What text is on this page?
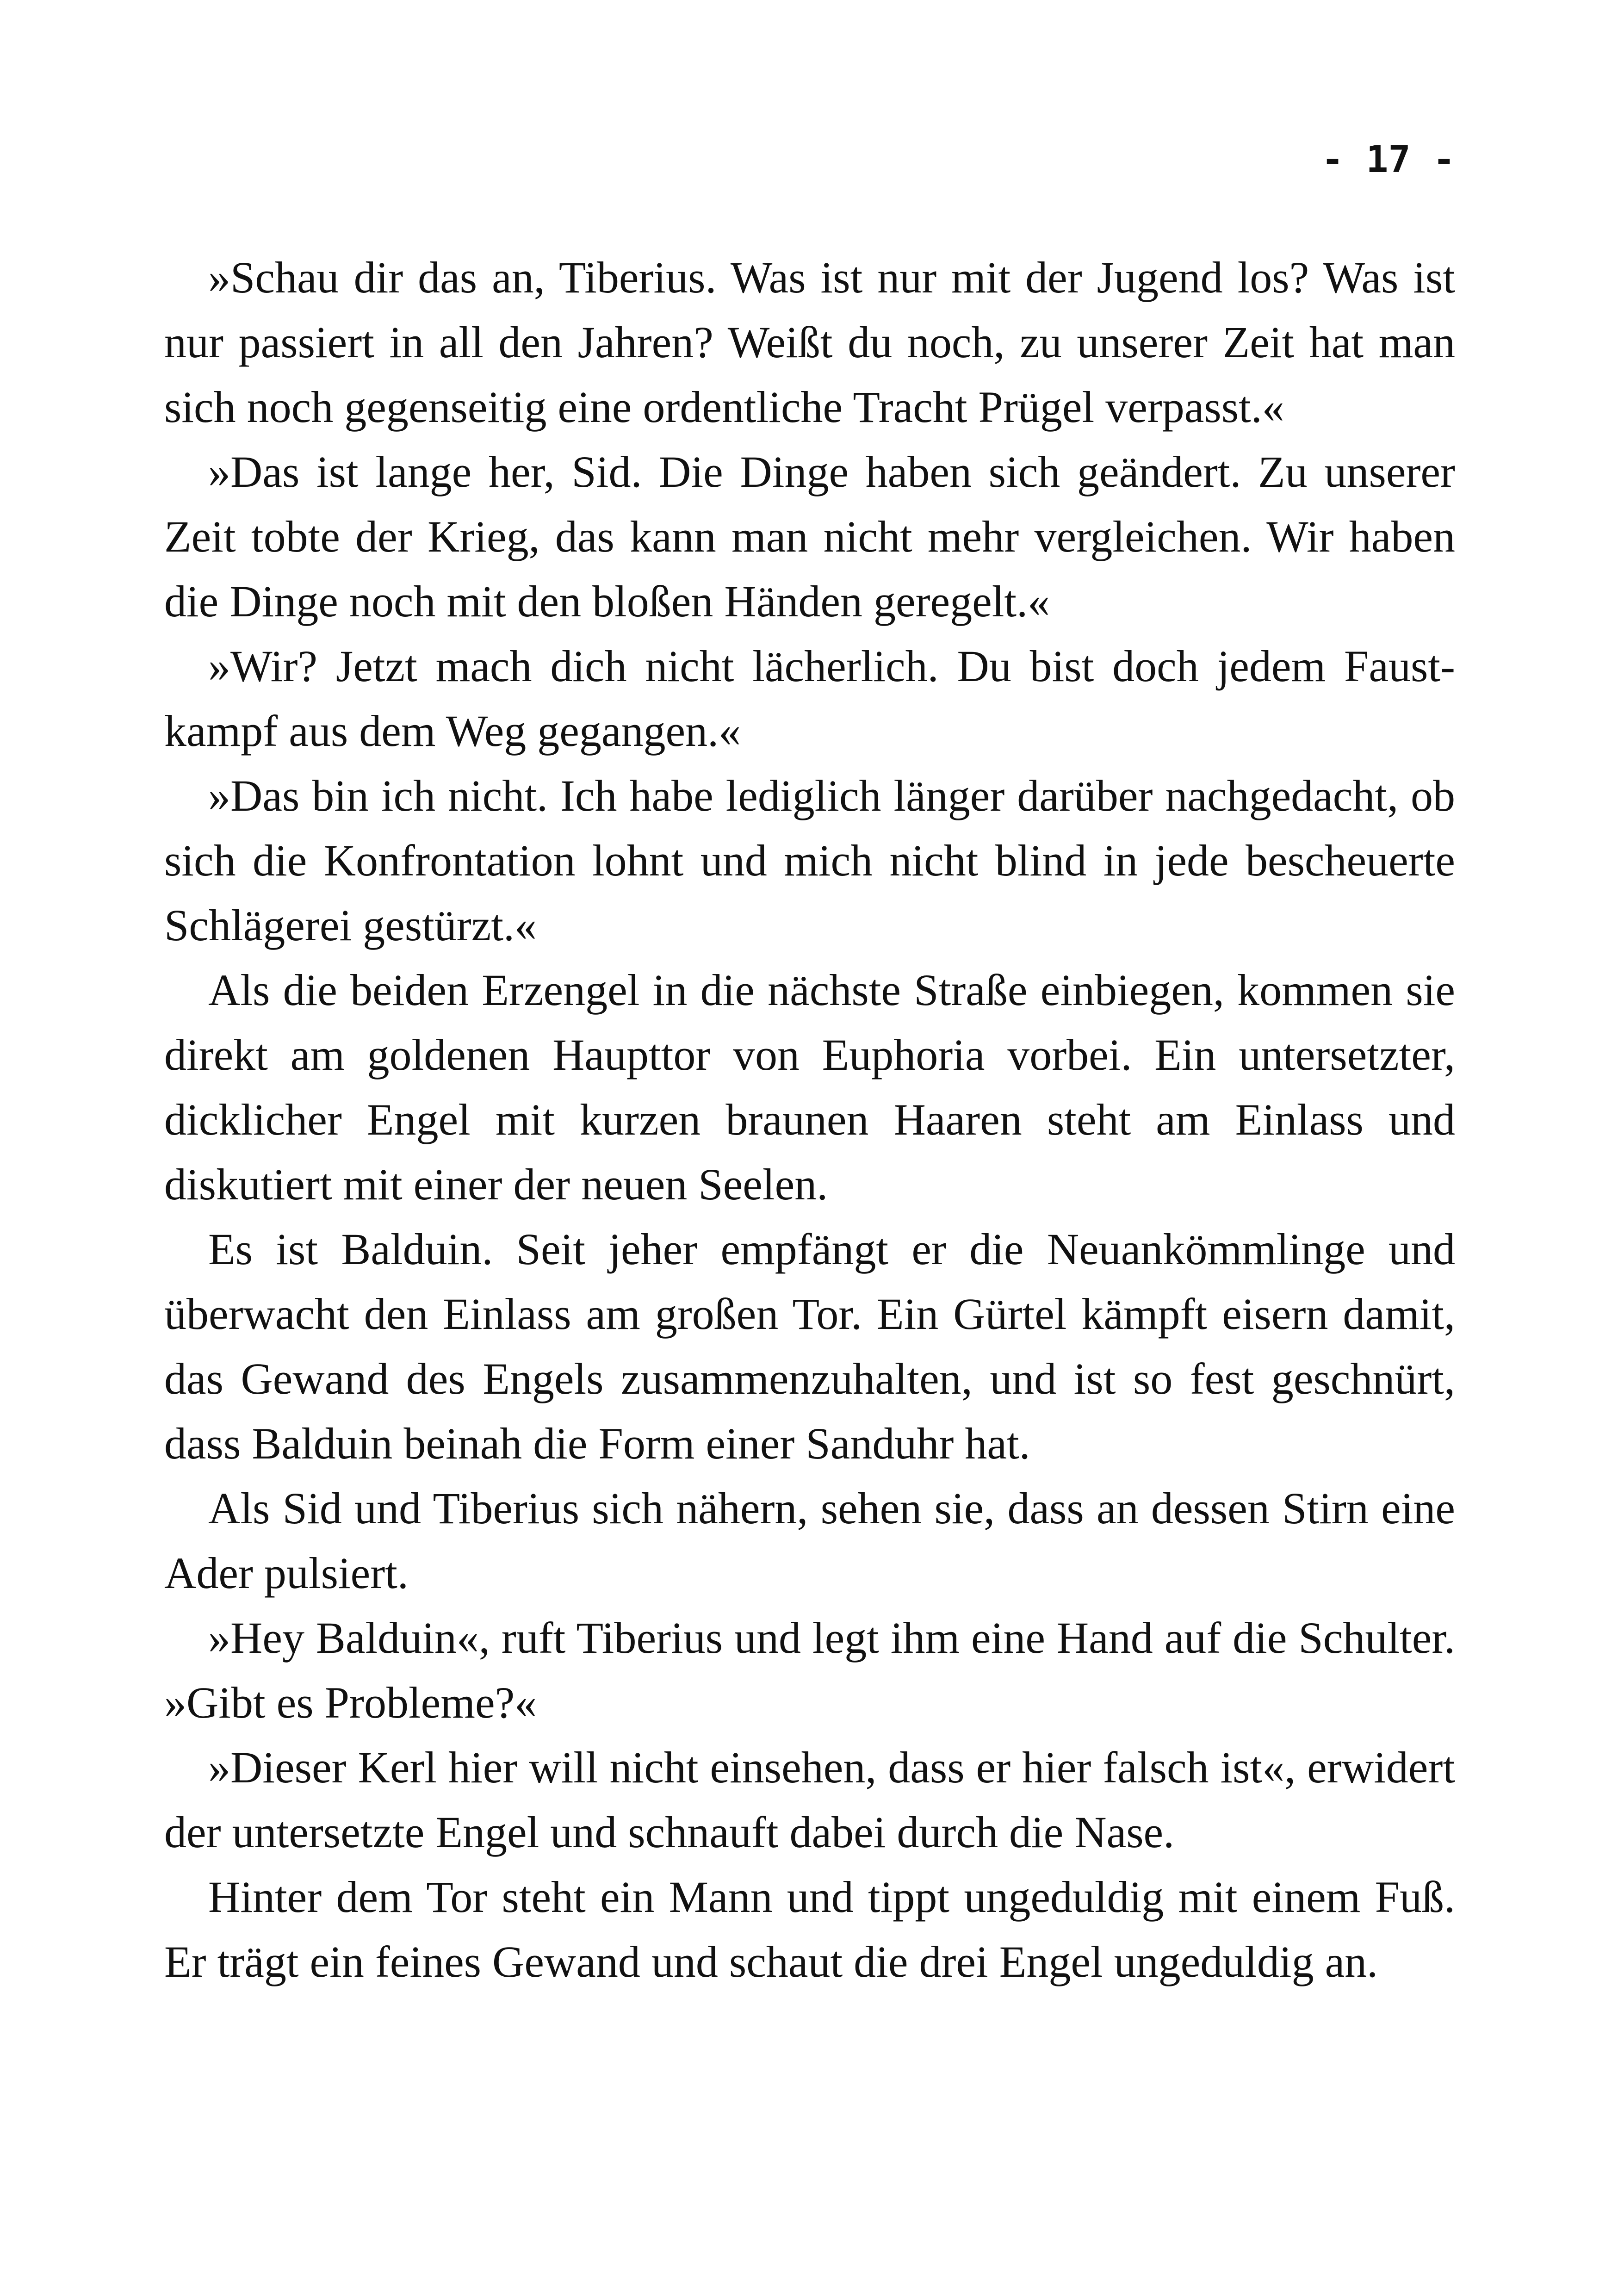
- 17 -

»Schau dir das an, Tiberius. Was ist nur mit der Jugend los? Was ist nur passiert in all den Jahren? Weißt du noch, zu unserer Zeit hat man sich noch gegenseitig eine ordentliche Tracht Prügel verpasst.«

»Das ist lange her, Sid. Die Dinge haben sich geändert. Zu unserer Zeit tobte der Krieg, das kann man nicht mehr vergleichen. Wir haben die Dinge noch mit den bloßen Händen geregelt.«

»Wir? Jetzt mach dich nicht lächerlich. Du bist doch jedem Faustkampf aus dem Weg gegangen.«

»Das bin ich nicht. Ich habe lediglich länger darüber nachgedacht, ob sich die Konfrontation lohnt und mich nicht blind in jede bescheuerte Schlägerei gestürzt.«

Als die beiden Erzengel in die nächste Straße einbiegen, kommen sie direkt am goldenen Haupttor von Euphoria vorbei. Ein untersetzter, dicklicher Engel mit kurzen braunen Haaren steht am Einlass und diskutiert mit einer der neuen Seelen.

Es ist Balduin. Seit jeher empfängt er die Neuankömmlinge und überwacht den Einlass am großen Tor. Ein Gürtel kämpft eisern damit, das Gewand des Engels zusammenzuhalten, und ist so fest geschnürt, dass Balduin beinah die Form einer Sanduhr hat.

Als Sid und Tiberius sich nähern, sehen sie, dass an dessen Stirn eine Ader pulsiert.

»Hey Balduin«, ruft Tiberius und legt ihm eine Hand auf die Schulter. »Gibt es Probleme?«

»Dieser Kerl hier will nicht einsehen, dass er hier falsch ist«, erwidert der untersetzte Engel und schnauft dabei durch die Nase.

Hinter dem Tor steht ein Mann und tippt ungeduldig mit einem Fuß. Er trägt ein feines Gewand und schaut die drei Engel ungeduldig an.
